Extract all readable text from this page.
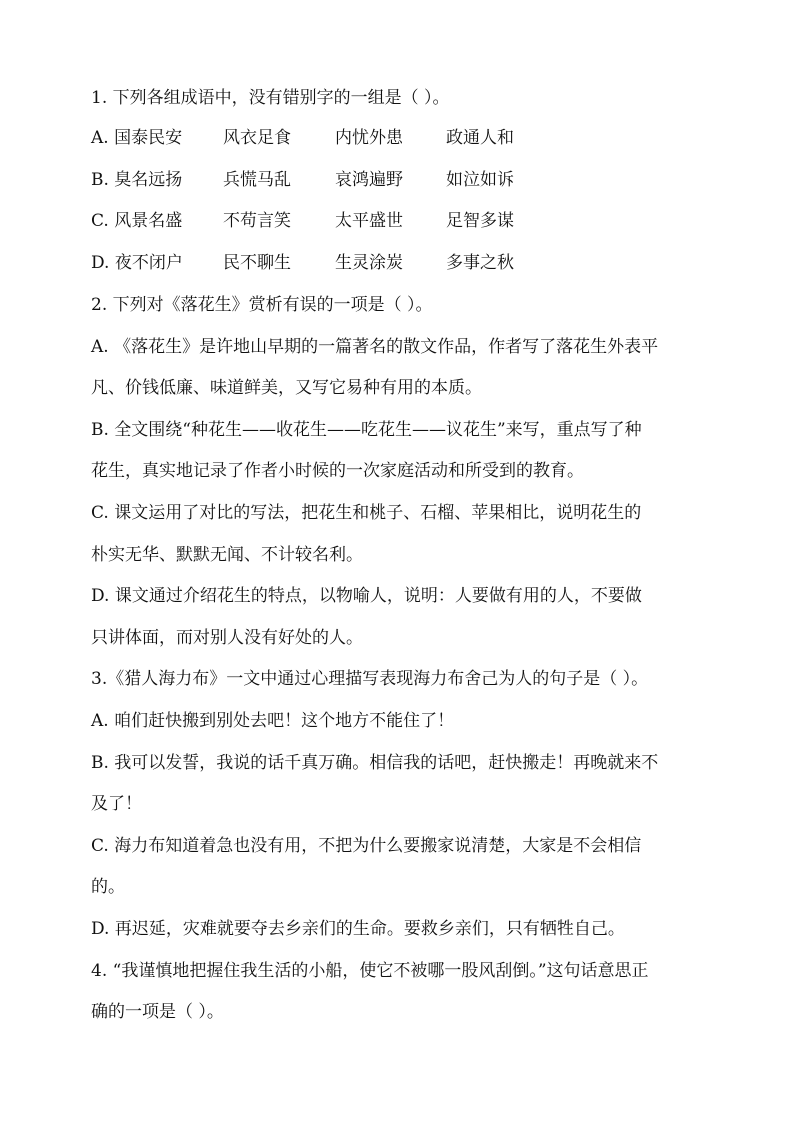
1. 下列各组成语中，没有错别字的一组是（ ）。
A. 国泰民安 风衣足食	内忧外患	政通人和
B. 臭名远扬 兵慌马乱	哀鸿遍野	如泣如诉
C. 风景名盛 不苟言笑	太平盛世	足智多谋
D. 夜不闭户 民不聊生	生灵涂炭	多事之秋
2. 下列对《落花生》赏析有误的一项是（ ）。
A. 《落花生》是许地山早期的一篇著名的散文作品，作者写了落花生外表平
凡、价钱低廉、味道鲜美，又写它易种有用的本质。
B. 全文围绕“种花生——收花生——吃花生——议花生”来写，重点写了种
花生，真实地记录了作者小时候的一次家庭活动和所受到的教育。
C. 课文运用了对比的写法，把花生和桃子、石榴、苹果相比，说明花生的
朴实无华、默默无闻、不计较名利。
D. 课文通过介绍花生的特点，以物喻人，说明：人要做有用的人，不要做
只讲体面，而对别人没有好处的人。
3.《猎人海力布》一文中通过心理描写表现海力布舍己为人的句子是（ ）。
A. 咱们赶快搬到别处去吧！这个地方不能住了！
B. 我可以发誓，我说的话千真万确。相信我的话吧，赶快搬走！再晚就来不
及了！
C. 海力布知道着急也没有用，不把为什么要搬家说清楚，大家是不会相信
的。
D. 再迟延，灾难就要夺去乡亲们的生命。要救乡亲们，只有牺牲自己。
4. “我谨慎地把握住我生活的小船，使它不被哪一股风刮倒。”这句话意思正
确的一项是（ ）。
